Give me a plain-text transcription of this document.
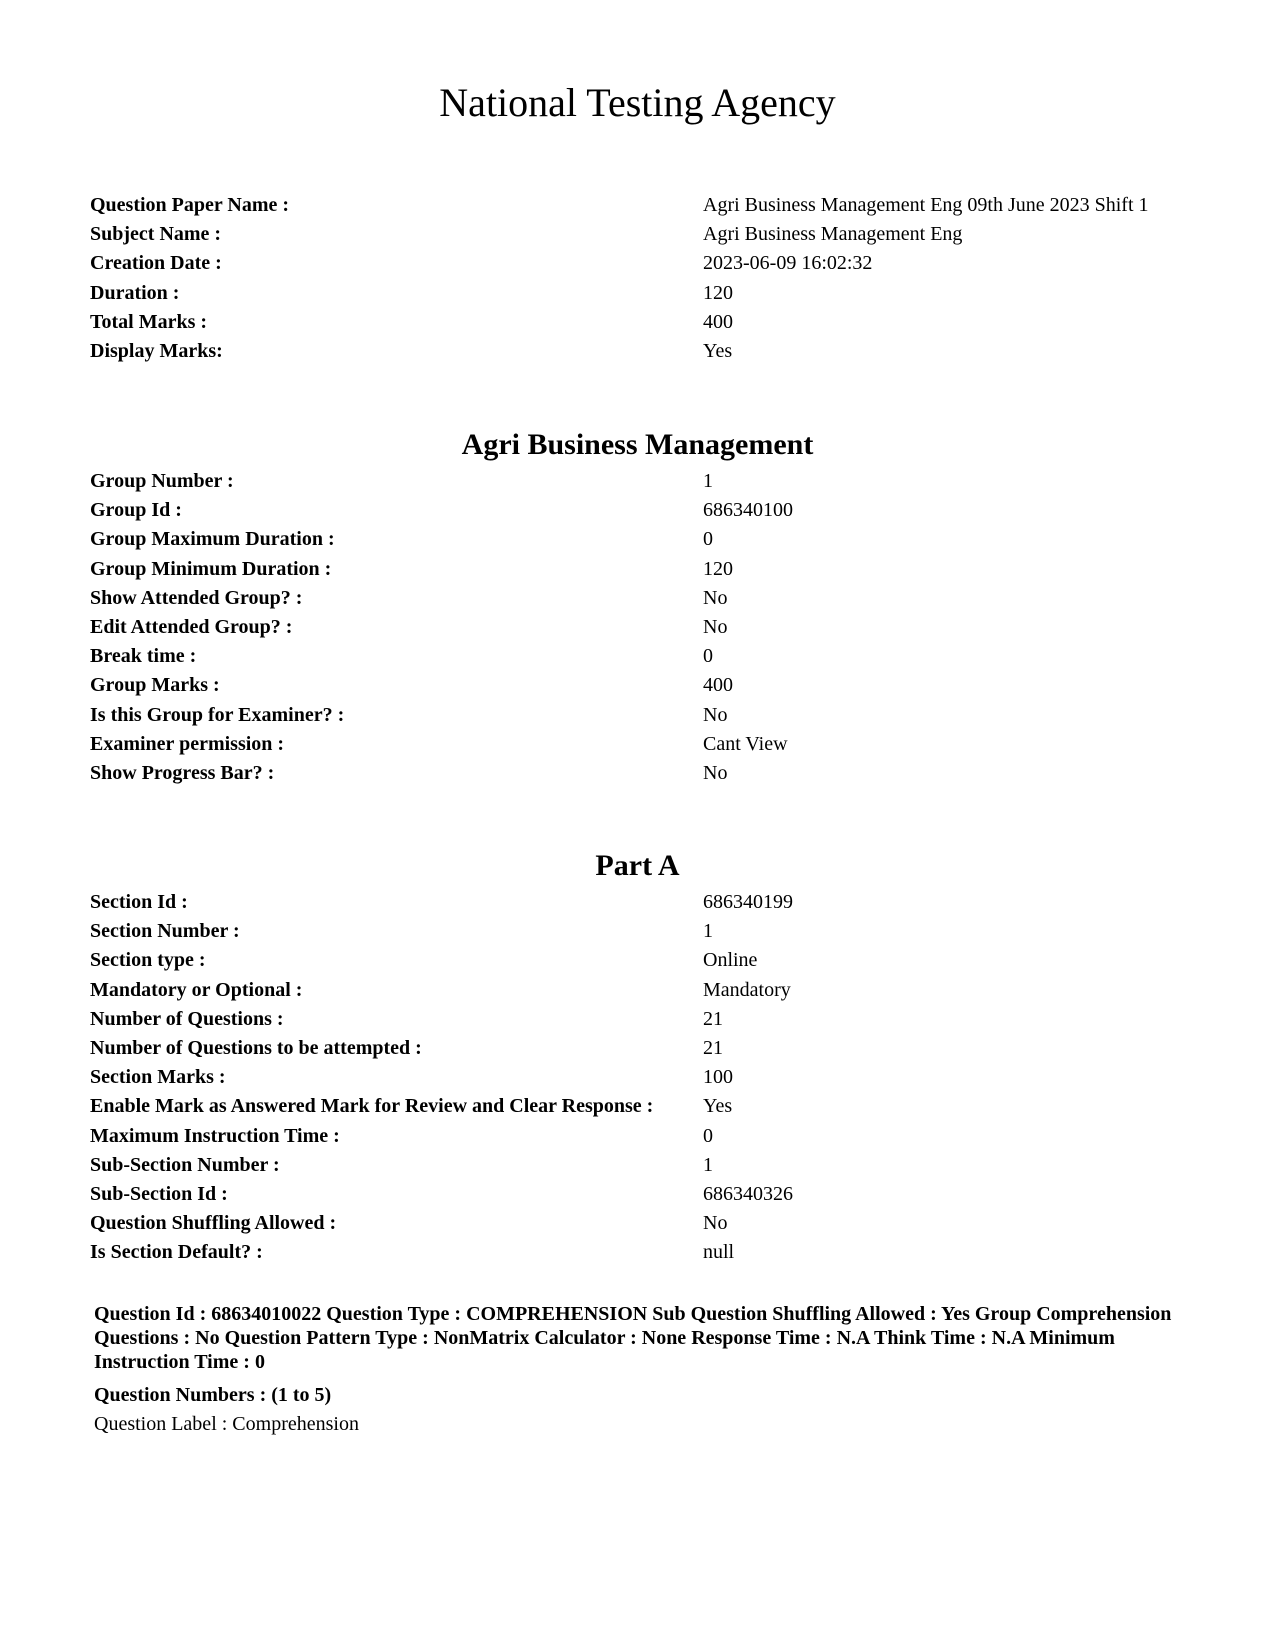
National Testing Agency
Question Paper Name :	Agri Business Management Eng 09th June 2023 Shift 1
Subject Name :	Agri Business Management Eng
Creation Date :	2023-06-09 16:02:32
Duration :	120
Total Marks :	400
Display Marks:	Yes
Agri Business Management
Group Number :	1
Group Id :	686340100
Group Maximum Duration :	0
Group Minimum Duration :	120
Show Attended Group? :	No
Edit Attended Group? :	No
Break time :	0
Group Marks :	400
Is this Group for Examiner? :	No
Examiner permission :	Cant View
Show Progress Bar? :	No
Part A
Section Id :	686340199
Section Number :	1
Section type :	Online
Mandatory or Optional :	Mandatory
Number of Questions :	21
Number of Questions to be attempted :	21
Section Marks :	100
Enable Mark as Answered Mark for Review and Clear Response :	Yes
Maximum Instruction Time :	0
Sub-Section Number :	1
Sub-Section Id :	686340326
Question Shuffling Allowed :	No
Is Section Default? :	null
Question Id : 68634010022 Question Type : COMPREHENSION Sub Question Shuffling Allowed : Yes Group Comprehension Questions : No Question Pattern Type : NonMatrix Calculator : None Response Time : N.A Think Time : N.A Minimum Instruction Time : 0
Question Numbers : (1 to 5)
Question Label : Comprehension
